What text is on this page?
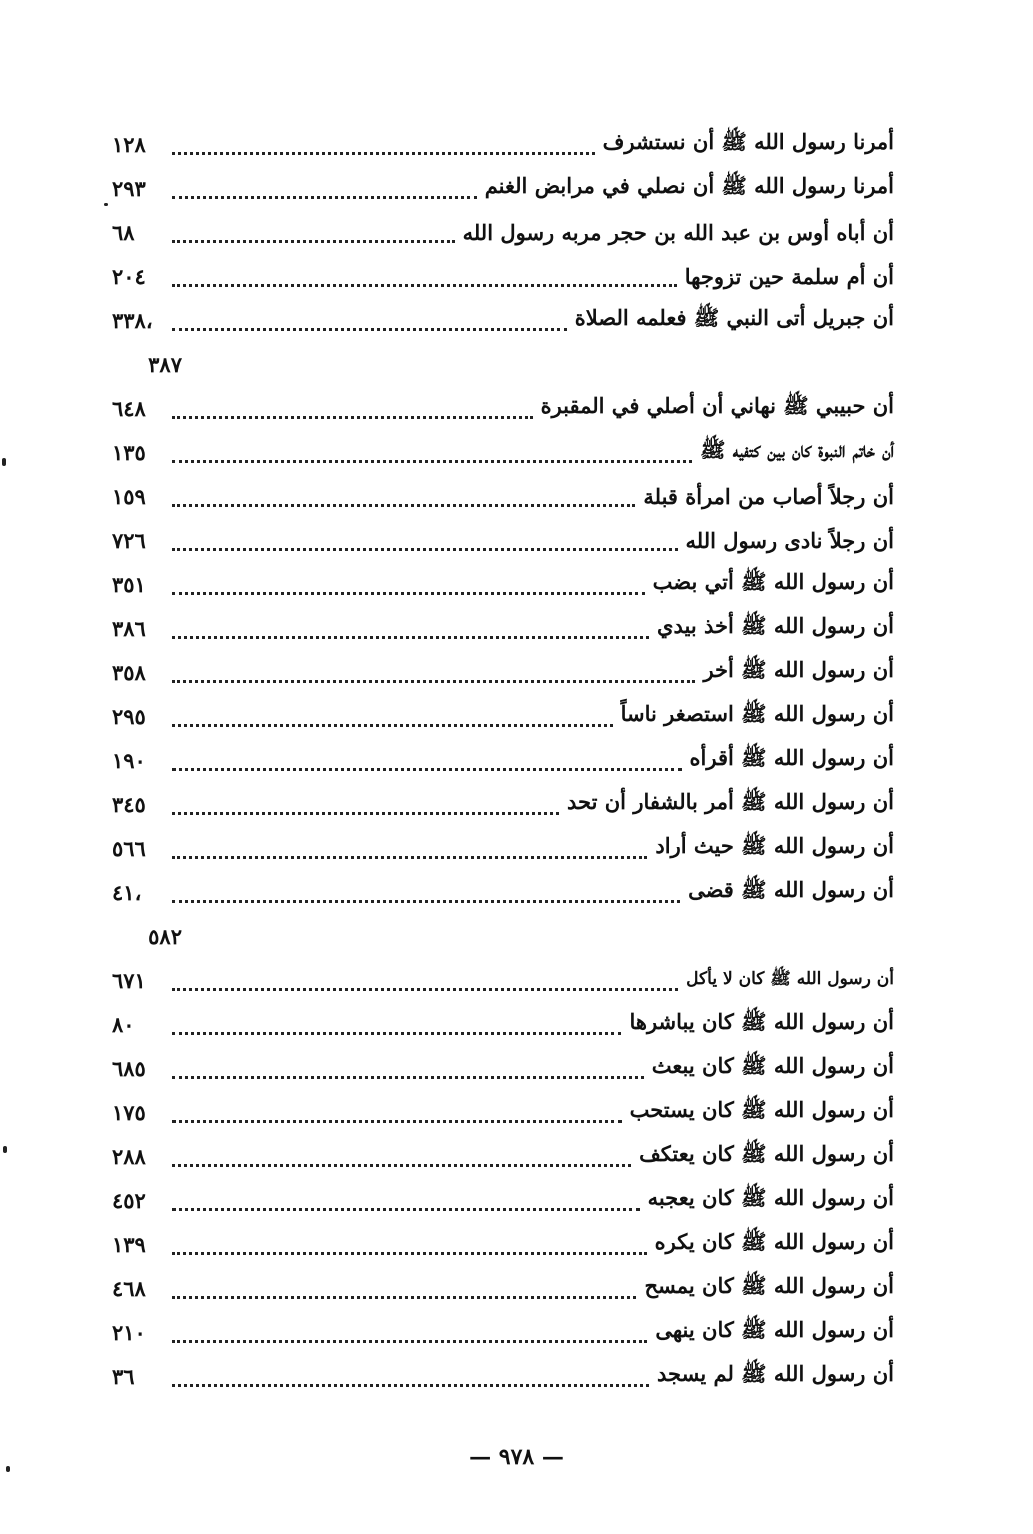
١٢٨	أمرنا رسول الله ﷺ أن نستشرف
٢٩٣	أمرنا رسول الله ﷺ أن نصلي في مرابض الغنم
٦٨	أن أباه أوس بن عبد الله بن حجر مربه رسول الله
٢٠٤	أن أم سلمة حين تزوجها
٣٣٨،	أن جبريل أتى النبي ﷺ فعلمه الصلاة
٣٨٧
٦٤٨	أن حبيبي ﷺ نهاني أن أصلي في المقبرة
١٣٥	أن خاتم النبوة كان بين كتفيه ﷺ
١٥٩	أن رجلاً أصاب من امرأة قبلة
٧٢٦	أن رجلاً نادى رسول الله
٣٥١	أن رسول الله ﷺ أتي بضب
٣٨٦	أن رسول الله ﷺ أخذ بيدي
٣٥٨	أن رسول الله ﷺ أخر
٢٩٥	أن رسول الله ﷺ استصغر ناساً
١٩٠	أن رسول الله ﷺ أقرأه
٣٤٥	أن رسول الله ﷺ أمر بالشفار أن تحد
٥٦٦	أن رسول الله ﷺ حيث أراد
٤١،	أن رسول الله ﷺ قضى
٥٨٢
٦٧١	أن رسول الله ﷺ كان لا يأكل
٨٠	أن رسول الله ﷺ كان يباشرها
٦٨٥	أن رسول الله ﷺ كان يبعث
١٧٥	أن رسول الله ﷺ كان يستحب
٢٨٨	أن رسول الله ﷺ كان يعتكف
٤٥٢	أن رسول الله ﷺ كان يعجبه
١٣٩	أن رسول الله ﷺ كان يكره
٤٦٨	أن رسول الله ﷺ كان يمسح
٢١٠	أن رسول الله ﷺ كان ينهى
٣٦	أن رسول الله ﷺ لم يسجد
— ٩٧٨ —
